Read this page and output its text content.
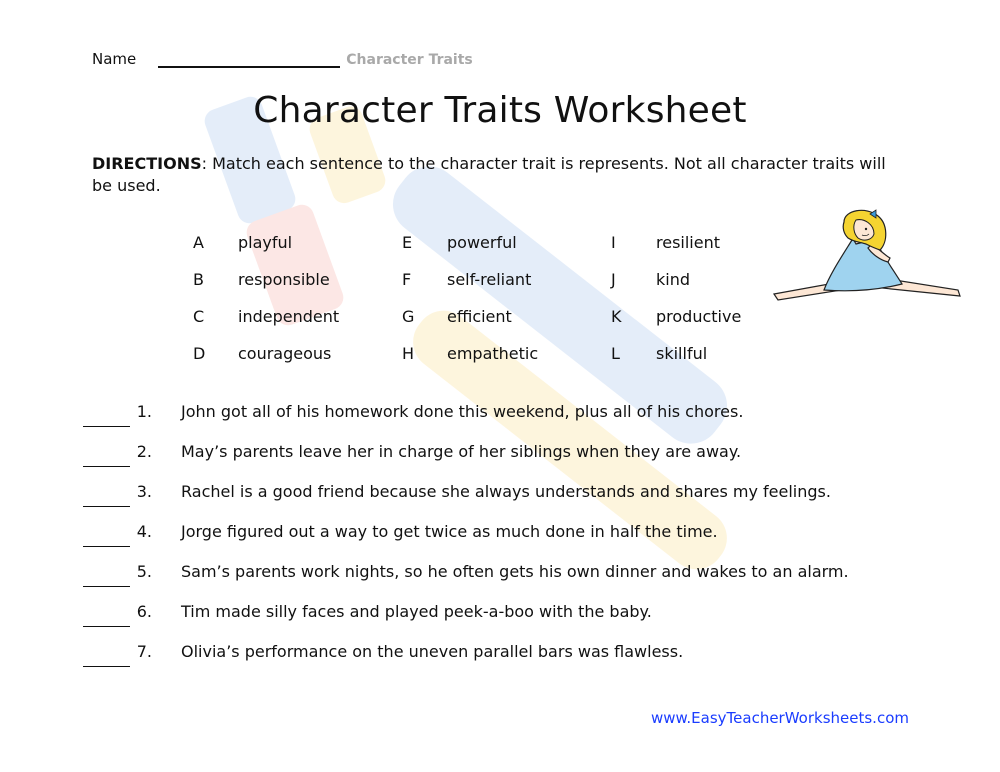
Name	Character Traits
Character Traits Worksheet
DIRECTIONS: Match each sentence to the character trait is represents. Not all character traits will be used.
A playful
B responsible
C independent
D courageous
E powerful
F self-reliant
G efficient
H empathetic
I	resilient
J	kind
K productive
L skillful
1. John got all of his homework done this weekend, plus all of his chores.
2. May’s parents leave her in charge of her siblings when they are away.
3. Rachel is a good friend because she always understands and shares my feelings.
4. Jorge figured out a way to get twice as much done in half the time.
5. Sam’s parents work nights, so he often gets his own dinner and wakes to an alarm.
6. Tim made silly faces and played peek-a-boo with the baby.
7. Olivia’s performance on the uneven parallel bars was flawless.
www.EasyTeacherWorksheets.com
